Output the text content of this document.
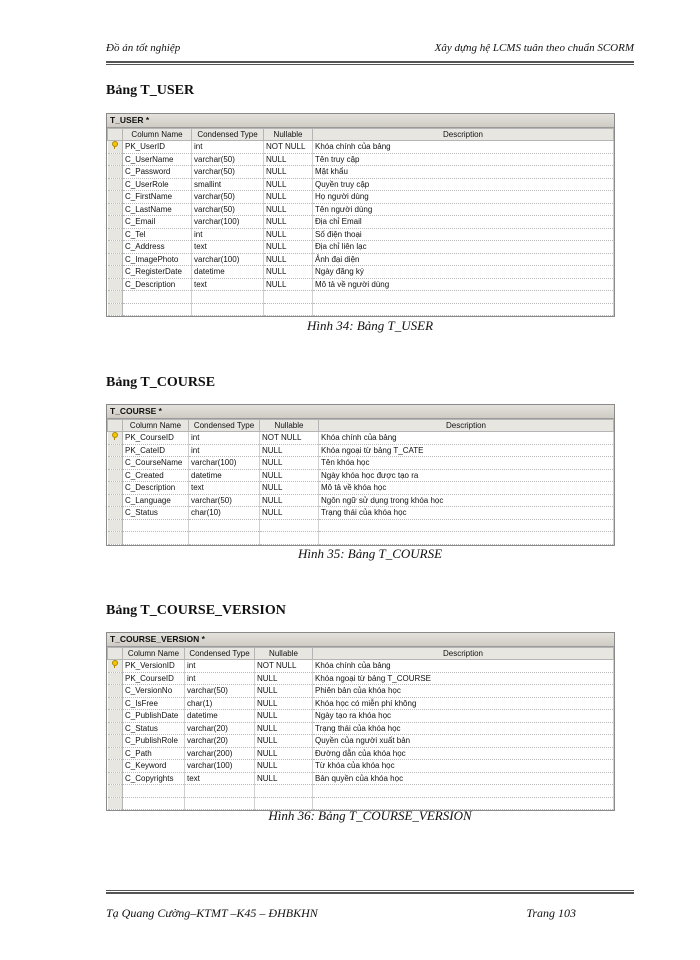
Đồ án tốt nghiệp	Xây dựng hệ LCMS tuân theo chuẩn SCORM
Bảng T_USER
T_USER *
	Column Name	Condensed Type	Nullable	Description
	PK_UserID	int	NOT NULL	Khóa chính của bảng
	C_UserName	varchar(50)	NULL	Tên truy cập
	C_Password	varchar(50)	NULL	Mật khẩu
	C_UserRole	smallint	NULL	Quyền truy cập
	C_FirstName	varchar(50)	NULL	Họ người dùng
	C_LastName	varchar(50)	NULL	Tên người dùng
	C_Email	varchar(100)	NULL	Địa chỉ Email
	C_Tel	int	NULL	Số điện thoại
	C_Address	text	NULL	Địa chỉ liên lạc
	C_ImagePhoto	varchar(100)	NULL	Ảnh đại diện
	C_RegisterDate	datetime	NULL	Ngày đăng ký
	C_Description	text	NULL	Mô tả về người dùng

Hình 34: Bảng T_USER
Bảng T_COURSE
T_COURSE *
	Column Name	Condensed Type	Nullable	Description
	PK_CourseID	int	NOT NULL	Khóa chính của bảng
	PK_CateID	int	NULL	Khóa ngoại từ bảng T_CATE
	C_CourseName	varchar(100)	NULL	Tên khóa học
	C_Created	datetime	NULL	Ngày khóa học được tạo ra
	C_Description	text	NULL	Mô tả về khóa học
	C_Language	varchar(50)	NULL	Ngôn ngữ sử dụng trong khóa học
	C_Status	char(10)	NULL	Trạng thái của khóa học

Hình 35: Bảng T_COURSE
Bảng T_COURSE_VERSION
T_COURSE_VERSION *
	Column Name	Condensed Type	Nullable	Description
	PK_VersionID	int	NOT NULL	Khóa chính của bảng
	PK_CourseID	int	NULL	Khóa ngoại từ bảng T_COURSE
	C_VersionNo	varchar(50)	NULL	Phiên bản của khóa học
	C_IsFree	char(1)	NULL	Khóa học có miễn phí không
	C_PublishDate	datetime	NULL	Ngày tạo ra khóa học
	C_Status	varchar(20)	NULL	Trạng thái của khóa học
	C_PublishRole	varchar(20)	NULL	Quyền của người xuất bản
	C_Path	varchar(200)	NULL	Đường dẫn của khóa học
	C_Keyword	varchar(100)	NULL	Từ khóa của khóa học
	C_Copyrights	text	NULL	Bản quyền của khóa học

Hình 36: Bảng T_COURSE_VERSION
Tạ Quang Cường–KTMT –K45 – ĐHBKHN	Trang 103
